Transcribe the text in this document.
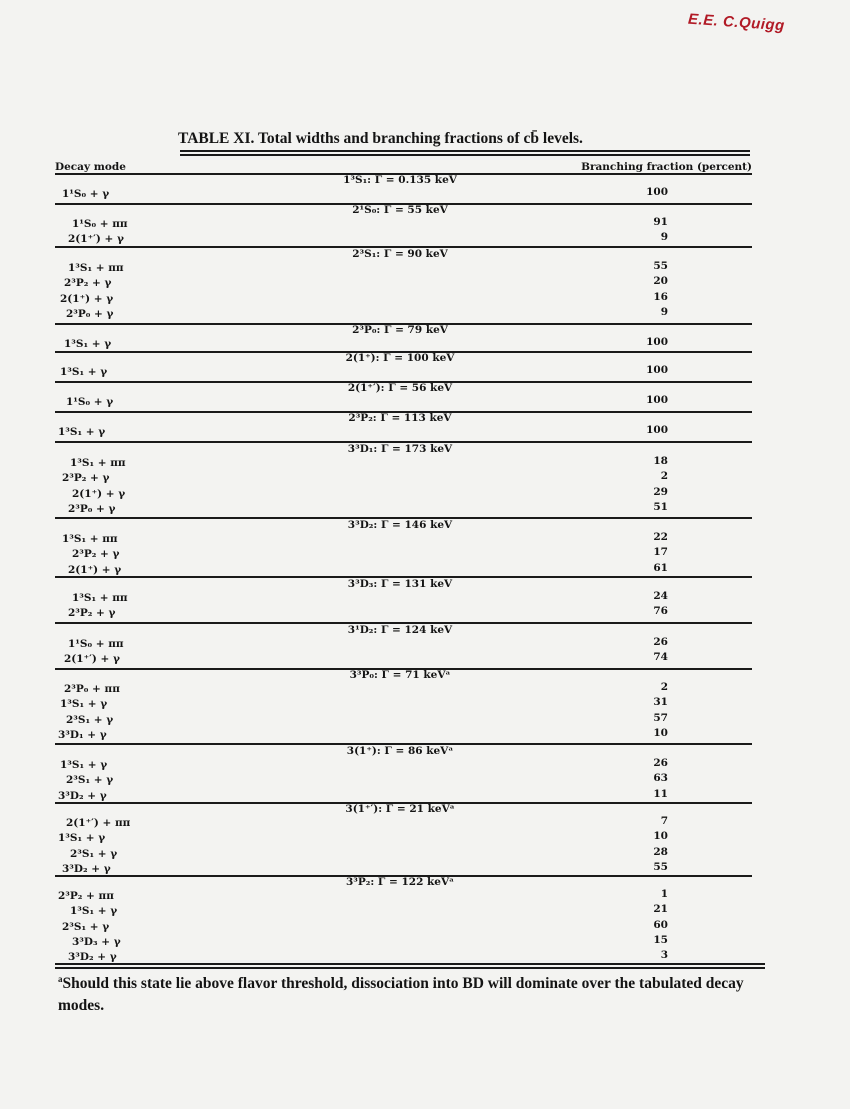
E.E. C.Quigg
TABLE XI. Total widths and branching fractions of cb̄ levels.
Decay mode	Branching fraction (percent)
1³S₁: Γ = 0.135 keV
1¹S₀ + γ	100
2¹S₀: Γ = 55 keV
1¹S₀ + ππ	91
2(1⁺′) + γ	9
2³S₁: Γ = 90 keV
1³S₁ + ππ	55
2³P₂ + γ	20
2(1⁺) + γ	16
2³P₀ + γ	9
2³P₀: Γ = 79 keV
1³S₁ + γ	100
2(1⁺): Γ = 100 keV
1³S₁ + γ	100
2(1⁺′): Γ = 56 keV
1¹S₀ + γ	100
2³P₂: Γ = 113 keV
1³S₁ + γ	100
3³D₁: Γ = 173 keV
1³S₁ + ππ	18
2³P₂ + γ	2
2(1⁺) + γ	29
2³P₀ + γ	51
3³D₂: Γ = 146 keV
1³S₁ + ππ	22
2³P₂ + γ	17
2(1⁺) + γ	61
3³D₃: Γ = 131 keV
1³S₁ + ππ	24
2³P₂ + γ	76
3¹D₂: Γ = 124 keV
1¹S₀ + ππ	26
2(1⁺′) + γ	74
3³P₀: Γ = 71 keVᵃ
2³P₀ + ππ	2
1³S₁ + γ	31
2³S₁ + γ	57
3³D₁ + γ	10
3(1⁺): Γ = 86 keVᵃ
1³S₁ + γ	26
2³S₁ + γ	63
3³D₂ + γ	11
3(1⁺′): Γ = 21 keVᵃ
2(1⁺′) + ππ	7
1³S₁ + γ	10
2³S₁ + γ	28
3³D₂ + γ	55
3³P₂: Γ = 122 keVᵃ
2³P₂ + ππ	1
1³S₁ + γ	21
2³S₁ + γ	60
3³D₃ + γ	15
3³D₂ + γ	3
$^a$Should this state lie above flavor threshold, dissociation into BD will dominate over the tabulated decay modes.
